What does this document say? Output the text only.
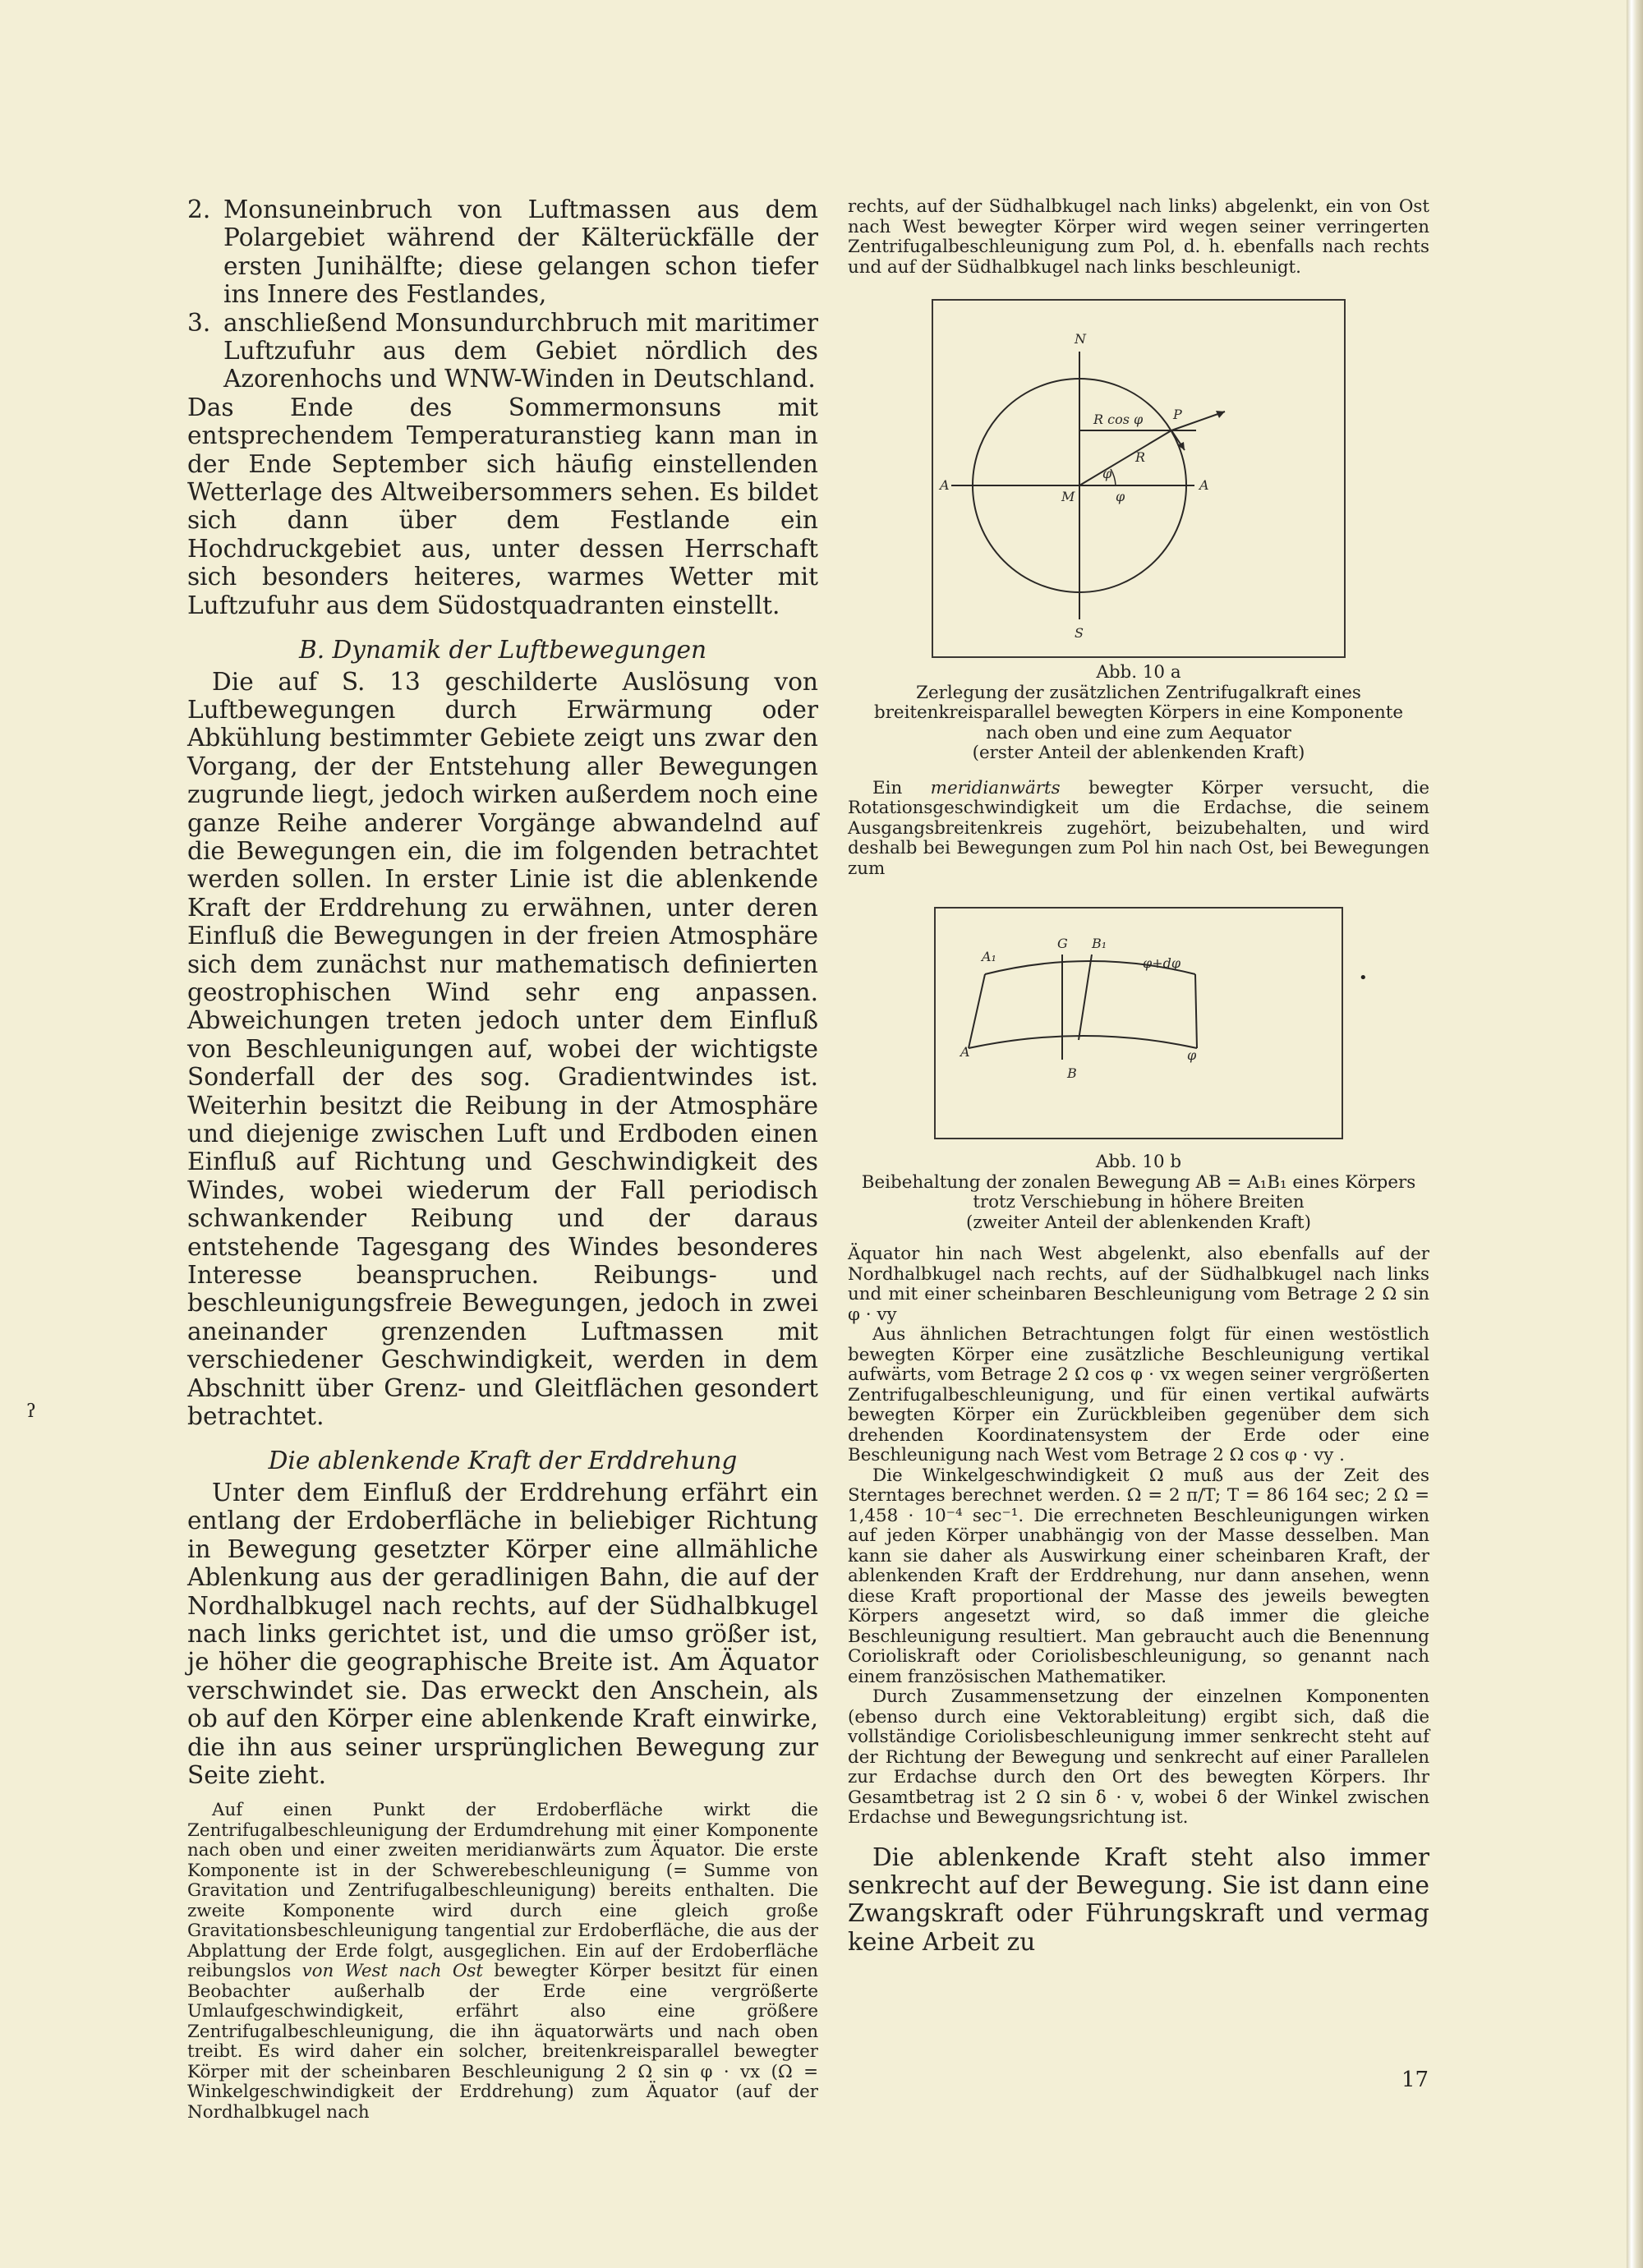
ʔ
•
2. Monsuneinbruch von Luftmassen aus dem Polargebiet während der Kälterückfälle der ersten Junihälfte; diese gelangen schon tiefer ins Innere des Festlandes,
3. anschließend Monsundurchbruch mit maritimer Luftzufuhr aus dem Gebiet nördlich des Azorenhochs und WNW-Winden in Deutschland.

Das Ende des Sommermonsuns mit entsprechendem Temperaturanstieg kann man in der Ende September sich häufig einstellenden Wetterlage des Altweibersommers sehen. Es bildet sich dann über dem Festlande ein Hochdruckgebiet aus, unter dessen Herrschaft sich besonders heiteres, warmes Wetter mit Luftzufuhr aus dem Südostquadranten einstellt.

B. Dynamik der Luftbewegungen

Die auf S. 13 geschilderte Auslösung von Luftbewegungen durch Erwärmung oder Abkühlung bestimmter Gebiete zeigt uns zwar den Vorgang, der der Entstehung aller Bewegungen zugrunde liegt, jedoch wirken außerdem noch eine ganze Reihe anderer Vorgänge abwandelnd auf die Bewegungen ein, die im folgenden betrachtet werden sollen. In erster Linie ist die ablenkende Kraft der Erddrehung zu erwähnen, unter deren Einfluß die Bewegungen in der freien Atmosphäre sich dem zunächst nur mathematisch definierten geostrophischen Wind sehr eng anpassen. Abweichungen treten jedoch unter dem Einfluß von Beschleunigungen auf, wobei der wichtigste Sonderfall der des sog. Gradientwindes ist. Weiterhin besitzt die Reibung in der Atmosphäre und diejenige zwischen Luft und Erdboden einen Einfluß auf Richtung und Geschwindigkeit des Windes, wobei wiederum der Fall periodisch schwankender Reibung und der daraus entstehende Tagesgang des Windes besonderes Interesse beanspruchen. Reibungs- und beschleunigungsfreie Bewegungen, jedoch in zwei aneinander grenzenden Luftmassen mit verschiedener Geschwindigkeit, werden in dem Abschnitt über Grenz- und Gleitflächen gesondert betrachtet.

Die ablenkende Kraft der Erddrehung

Unter dem Einfluß der Erddrehung erfährt ein entlang der Erdoberfläche in beliebiger Richtung in Bewegung gesetzter Körper eine allmähliche Ablenkung aus der geradlinigen Bahn, die auf der Nordhalbkugel nach rechts, auf der Südhalbkugel nach links gerichtet ist, und die umso größer ist, je höher die geographische Breite ist. Am Äquator verschwindet sie. Das erweckt den Anschein, als ob auf den Körper eine ablenkende Kraft einwirke, die ihn aus seiner ursprünglichen Bewegung zur Seite zieht.

Auf einen Punkt der Erdoberfläche wirkt die Zentrifugalbeschleunigung der Erdumdrehung mit einer Komponente nach oben und einer zweiten meridianwärts zum Äquator. Die erste Komponente ist in der Schwerebeschleunigung (= Summe von Gravitation und Zentrifugalbeschleunigung) bereits enthalten. Die zweite Komponente wird durch eine gleich große Gravitationsbeschleunigung tangential zur Erdoberfläche, die aus der Abplattung der Erde folgt, ausgeglichen. Ein auf der Erdoberfläche reibungslos von West nach Ost bewegter Körper besitzt für einen Beobachter außerhalb der Erde eine vergrößerte Umlaufgeschwindigkeit, erfährt also eine größere Zentrifugalbeschleunigung, die ihn äquatorwärts und nach oben treibt. Es wird daher ein solcher, breitenkreisparallel bewegter Körper mit der scheinbaren Beschleunigung 2 Ω sin φ · vx (Ω = Winkelgeschwindigkeit der Erddrehung) zum Äquator (auf der Nordhalbkugel nach

rechts, auf der Südhalbkugel nach links) abgelenkt, ein von Ost nach West bewegter Körper wird wegen seiner verringerten Zentrifugalbeschleunigung zum Pol, d. h. ebenfalls nach rechts und auf der Südhalbkugel nach links beschleunigt.

N
S
A	A
M
P
R
R cos φ
φ
φ

Abb. 10 a

Zerlegung der zusätzlichen Zentrifugalkraft eines breitenkreisparallel bewegten Körpers in eine Komponente nach oben und eine zum Aequator

(erster Anteil der ablenkenden Kraft)

Ein meridianwärts bewegter Körper versucht, die Rotationsgeschwindigkeit um die Erdachse, die seinem Ausgangsbreitenkreis zugehört, beizubehalten, und wird deshalb bei Bewegungen zum Pol hin nach Ost, bei Bewegungen zum

A₁
G B₁
φ+dφ
A
B
φ

Abb. 10 b

Beibehaltung der zonalen Bewegung AB = A₁B₁ eines Körpers trotz Verschiebung in höhere Breiten

(zweiter Anteil der ablenkenden Kraft)

Äquator hin nach West abgelenkt, also ebenfalls auf der Nordhalbkugel nach rechts, auf der Südhalbkugel nach links und mit einer scheinbaren Beschleunigung vom Betrage 2 Ω sin φ · vy

Aus ähnlichen Betrachtungen folgt für einen westöstlich bewegten Körper eine zusätzliche Beschleunigung vertikal aufwärts, vom Betrage 2 Ω cos φ · vx wegen seiner vergrößerten Zentrifugalbeschleunigung, und für einen vertikal aufwärts bewegten Körper ein Zurückbleiben gegenüber dem sich drehenden Koordinatensystem der Erde oder eine Beschleunigung nach West vom Betrage 2 Ω cos φ · vy .

Die Winkelgeschwindigkeit Ω muß aus der Zeit des Sterntages berechnet werden. Ω = 2 π/T; T = 86 164 sec; 2 Ω = 1,458 · 10⁻⁴ sec⁻¹. Die errechneten Beschleunigungen wirken auf jeden Körper unabhängig von der Masse desselben. Man kann sie daher als Auswirkung einer scheinbaren Kraft, der ablenkenden Kraft der Erddrehung, nur dann ansehen, wenn diese Kraft proportional der Masse des jeweils bewegten Körpers angesetzt wird, so daß immer die gleiche Beschleunigung resultiert. Man gebraucht auch die Benennung Corioliskraft oder Coriolisbeschleunigung, so genannt nach einem französischen Mathematiker.

Durch Zusammensetzung der einzelnen Komponenten (ebenso durch eine Vektorableitung) ergibt sich, daß die vollständige Coriolisbeschleunigung immer senkrecht steht auf der Richtung der Bewegung und senkrecht auf einer Parallelen zur Erdachse durch den Ort des bewegten Körpers. Ihr Gesamtbetrag ist 2 Ω sin δ · v, wobei δ der Winkel zwischen Erdachse und Bewegungsrichtung ist.

Die ablenkende Kraft steht also immer senkrecht auf der Bewegung. Sie ist dann eine Zwangskraft oder Führungskraft und vermag keine Arbeit zu

17
